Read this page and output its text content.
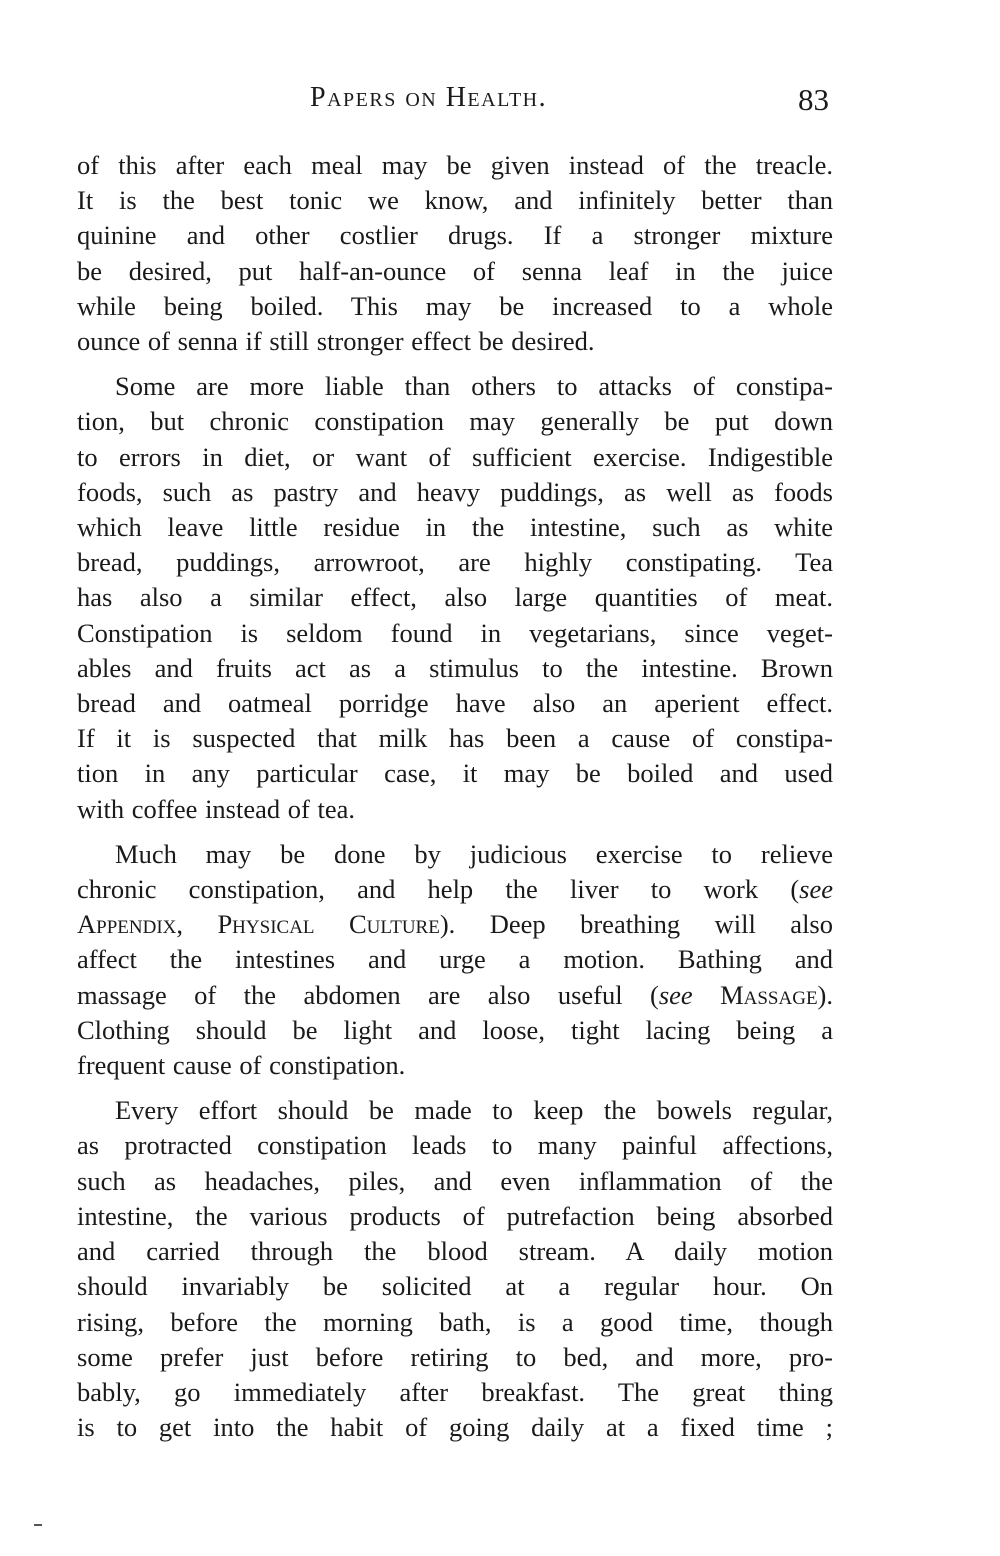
Papers on Health.	83

of this after each meal may be given instead of the treacle.
It is the best tonic we know, and infinitely better than
quinine and other costlier drugs. If a stronger mixture
be desired, put half-an-ounce of senna leaf in the juice
while being boiled. This may be increased to a whole
ounce of senna if still stronger effect be desired.

Some are more liable than others to attacks of constipa-
tion, but chronic constipation may generally be put down
to errors in diet, or want of sufficient exercise. Indigestible
foods, such as pastry and heavy puddings, as well as foods
which leave little residue in the intestine, such as white
bread, puddings, arrowroot, are highly constipating. Tea
has also a similar effect, also large quantities of meat.
Constipation is seldom found in vegetarians, since veget-
ables and fruits act as a stimulus to the intestine. Brown
bread and oatmeal porridge have also an aperient effect.
If it is suspected that milk has been a cause of constipa-
tion in any particular case, it may be boiled and used
with coffee instead of tea.

Much may be done by judicious exercise to relieve
chronic constipation, and help the liver to work (see
Appendix, Physical Culture). Deep breathing will also
affect the intestines and urge a motion. Bathing and
massage of the abdomen are also useful (see Massage).
Clothing should be light and loose, tight lacing being a
frequent cause of constipation.

Every effort should be made to keep the bowels regular,
as protracted constipation leads to many painful affections,
such as headaches, piles, and even inflammation of the
intestine, the various products of putrefaction being absorbed
and carried through the blood stream. A daily motion
should invariably be solicited at a regular hour. On
rising, before the morning bath, is a good time, though
some prefer just before retiring to bed, and more, pro-
bably, go immediately after breakfast. The great thing
is to get into the habit of going daily at a fixed time ;
